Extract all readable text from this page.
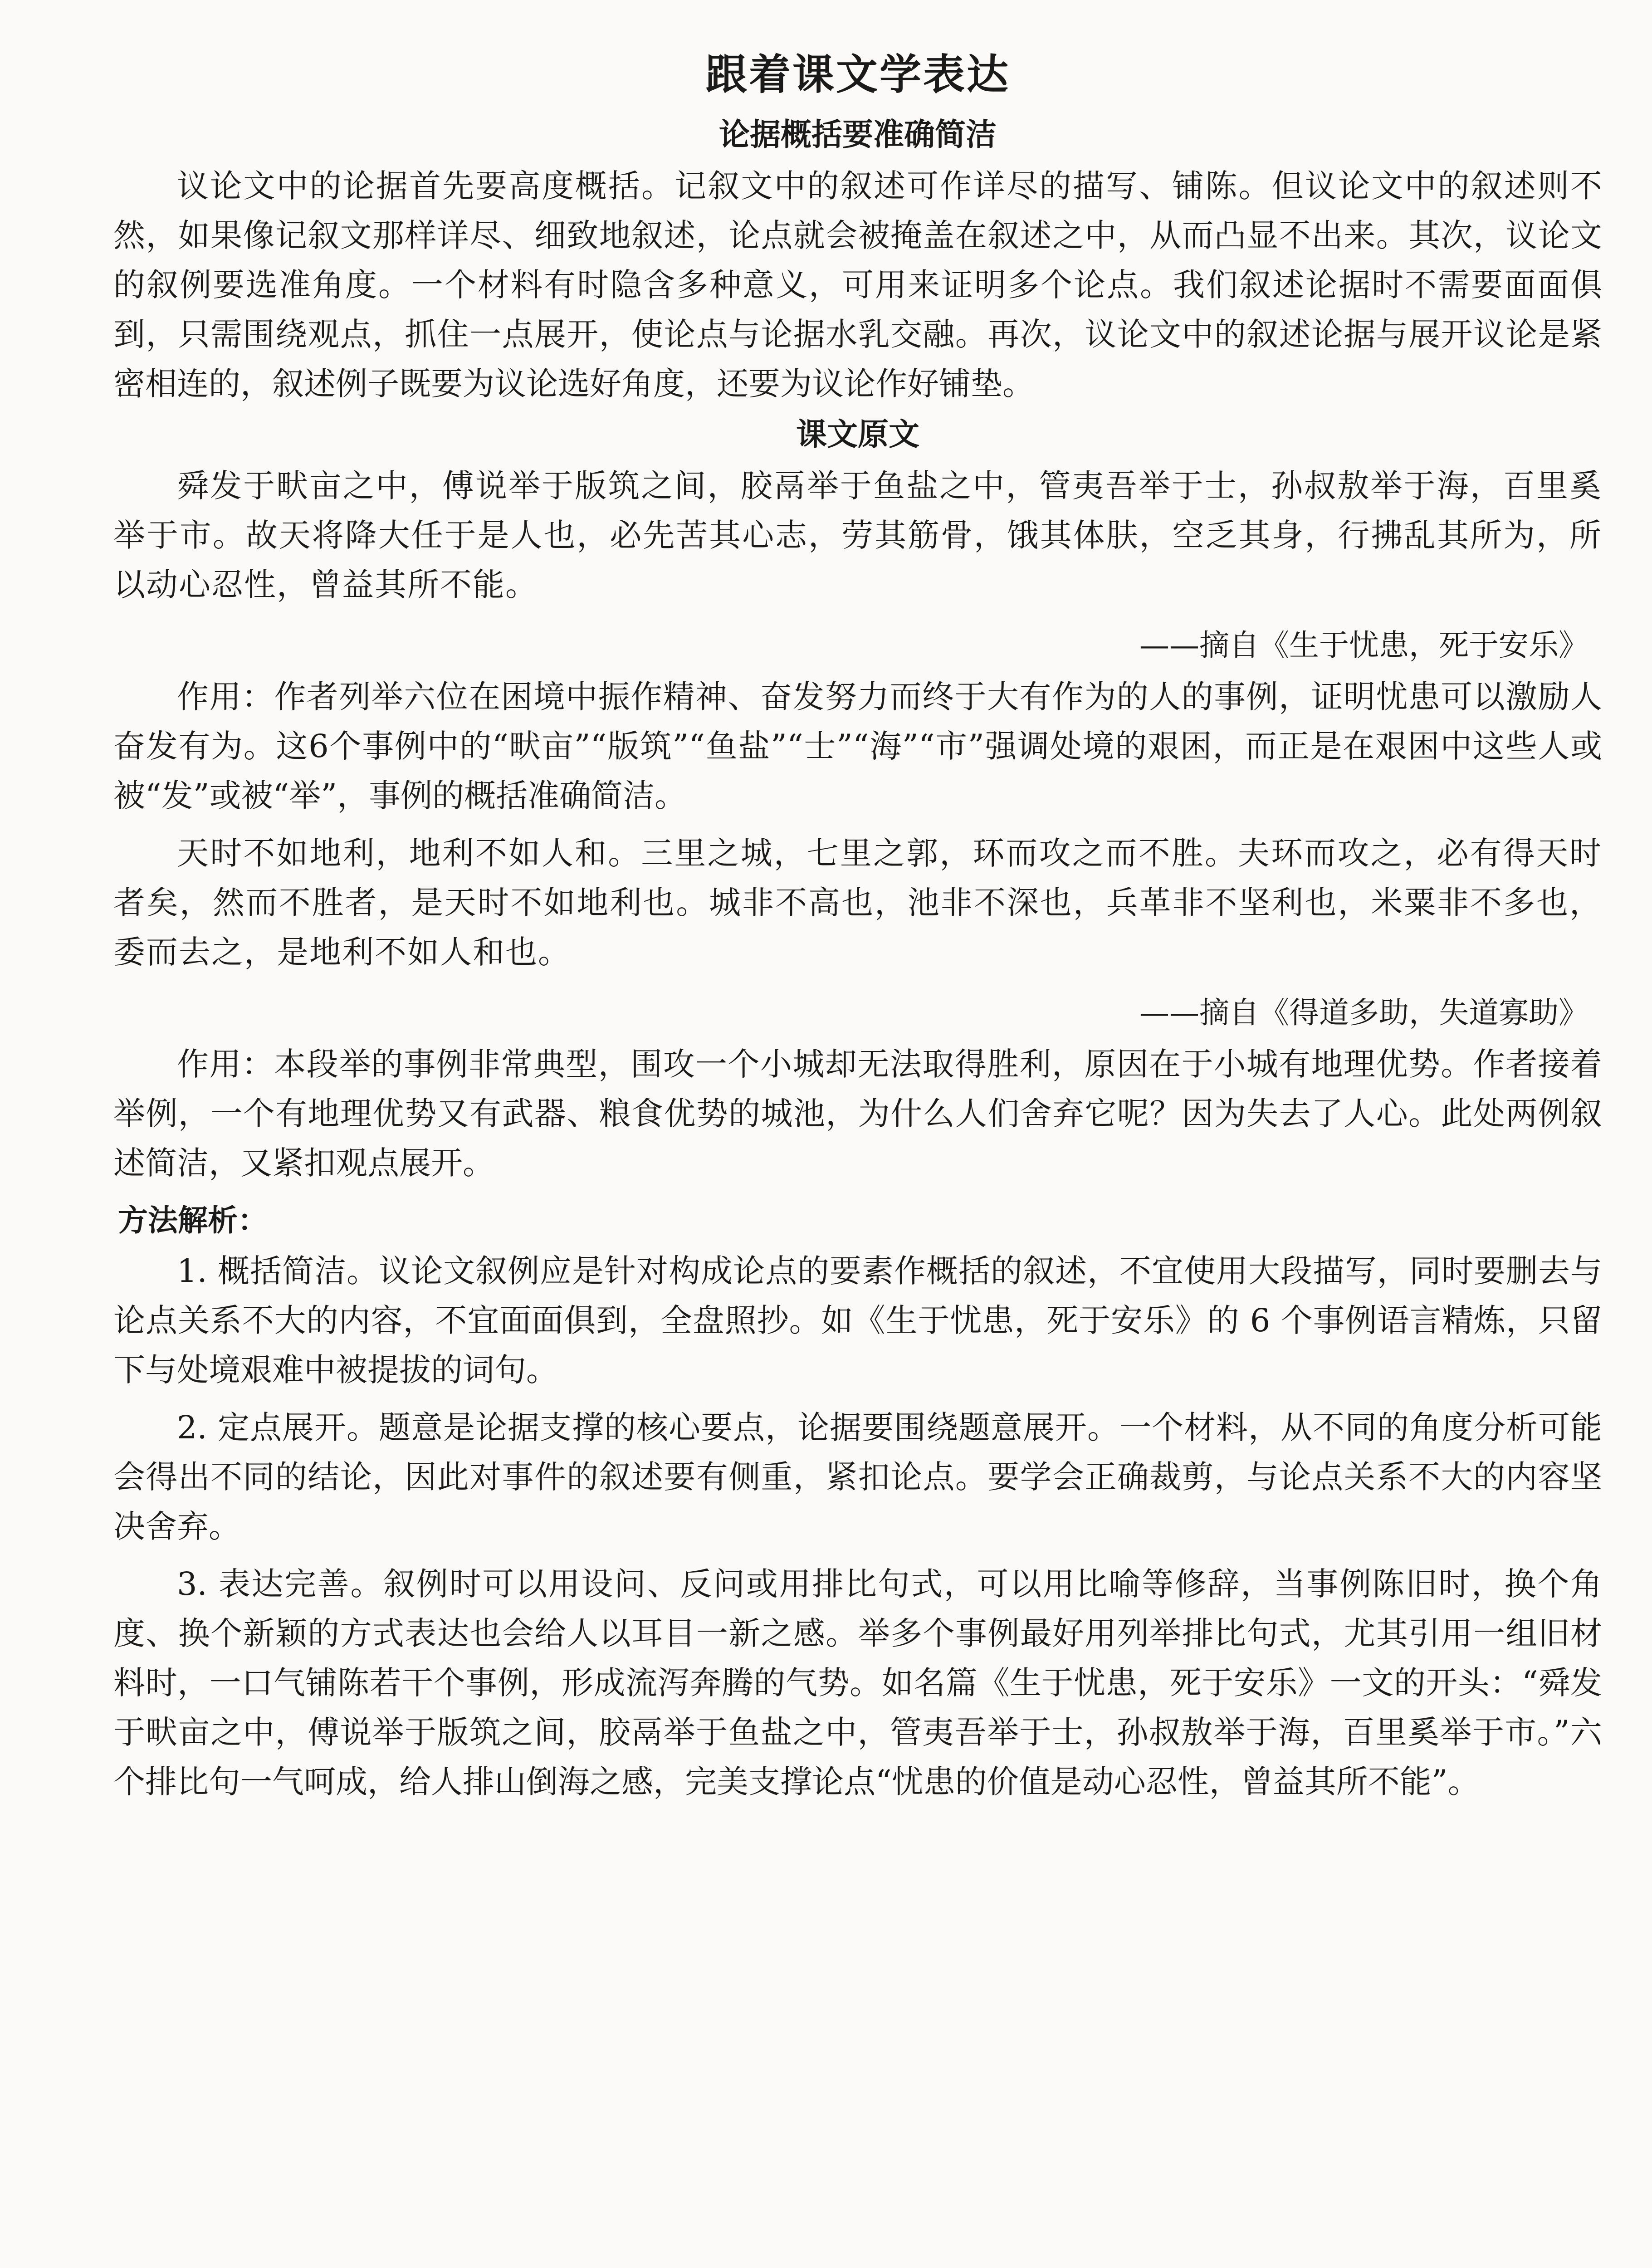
跟着课文学表达
论据概括要准确简洁

议论文中的论据首先要高度概括。记叙文中的叙述可作详尽的描写、铺陈。但议论文中的叙述则不然，如果像记叙文那样详尽、细致地叙述，论点就会被掩盖在叙述之中，从而凸显不出来。其次，议论文的叙例要选准角度。一个材料有时隐含多种意义，可用来证明多个论点。我们叙述论据时不需要面面俱到，只需围绕观点，抓住一点展开，使论点与论据水乳交融。再次，议论文中的叙述论据与展开议论是紧密相连的，叙述例子既要为议论选好角度，还要为议论作好铺垫。

课文原文

舜发于畎亩之中，傅说举于版筑之间，胶鬲举于鱼盐之中，管夷吾举于士，孙叔敖举于海，百里奚举于市。故天将降大任于是人也，必先苦其心志，劳其筋骨，饿其体肤，空乏其身，行拂乱其所为，所以动心忍性，曾益其所不能。

——摘自《生于忧患，死于安乐》

作用：作者列举六位在困境中振作精神、奋发努力而终于大有作为的人的事例，证明忧患可以激励人奋发有为。这6个事例中的“畎亩”“版筑”“鱼盐”“士”“海”“市”强调处境的艰困，而正是在艰困中这些人或被“发”或被“举”，事例的概括准确简洁。

天时不如地利，地利不如人和。三里之城，七里之郭，环而攻之而不胜。夫环而攻之，必有得天时者矣，然而不胜者，是天时不如地利也。城非不高也，池非不深也，兵革非不坚利也，米粟非不多也，委而去之，是地利不如人和也。

——摘自《得道多助，失道寡助》

作用：本段举的事例非常典型，围攻一个小城却无法取得胜利，原因在于小城有地理优势。作者接着举例，一个有地理优势又有武器、粮食优势的城池，为什么人们舍弃它呢？因为失去了人心。此处两例叙述简洁，又紧扣观点展开。

方法解析：

1. 概括简洁。议论文叙例应是针对构成论点的要素作概括的叙述，不宜使用大段描写，同时要删去与论点关系不大的内容，不宜面面俱到，全盘照抄。如《生于忧患，死于安乐》的 6 个事例语言精炼，只留下与处境艰难中被提拔的词句。

2. 定点展开。题意是论据支撑的核心要点，论据要围绕题意展开。一个材料，从不同的角度分析可能会得出不同的结论，因此对事件的叙述要有侧重，紧扣论点。要学会正确裁剪，与论点关系不大的内容坚决舍弃。

3. 表达完善。叙例时可以用设问、反问或用排比句式，可以用比喻等修辞，当事例陈旧时，换个角度、换个新颖的方式表达也会给人以耳目一新之感。举多个事例最好用列举排比句式，尤其引用一组旧材料时，一口气铺陈若干个事例，形成流泻奔腾的气势。如名篇《生于忧患，死于安乐》一文的开头：“舜发于畎亩之中，傅说举于版筑之间，胶鬲举于鱼盐之中，管夷吾举于士，孙叔敖举于海，百里奚举于市。”六个排比句一气呵成，给人排山倒海之感，完美支撑论点“忧患的价值是动心忍性，曾益其所不能”。
